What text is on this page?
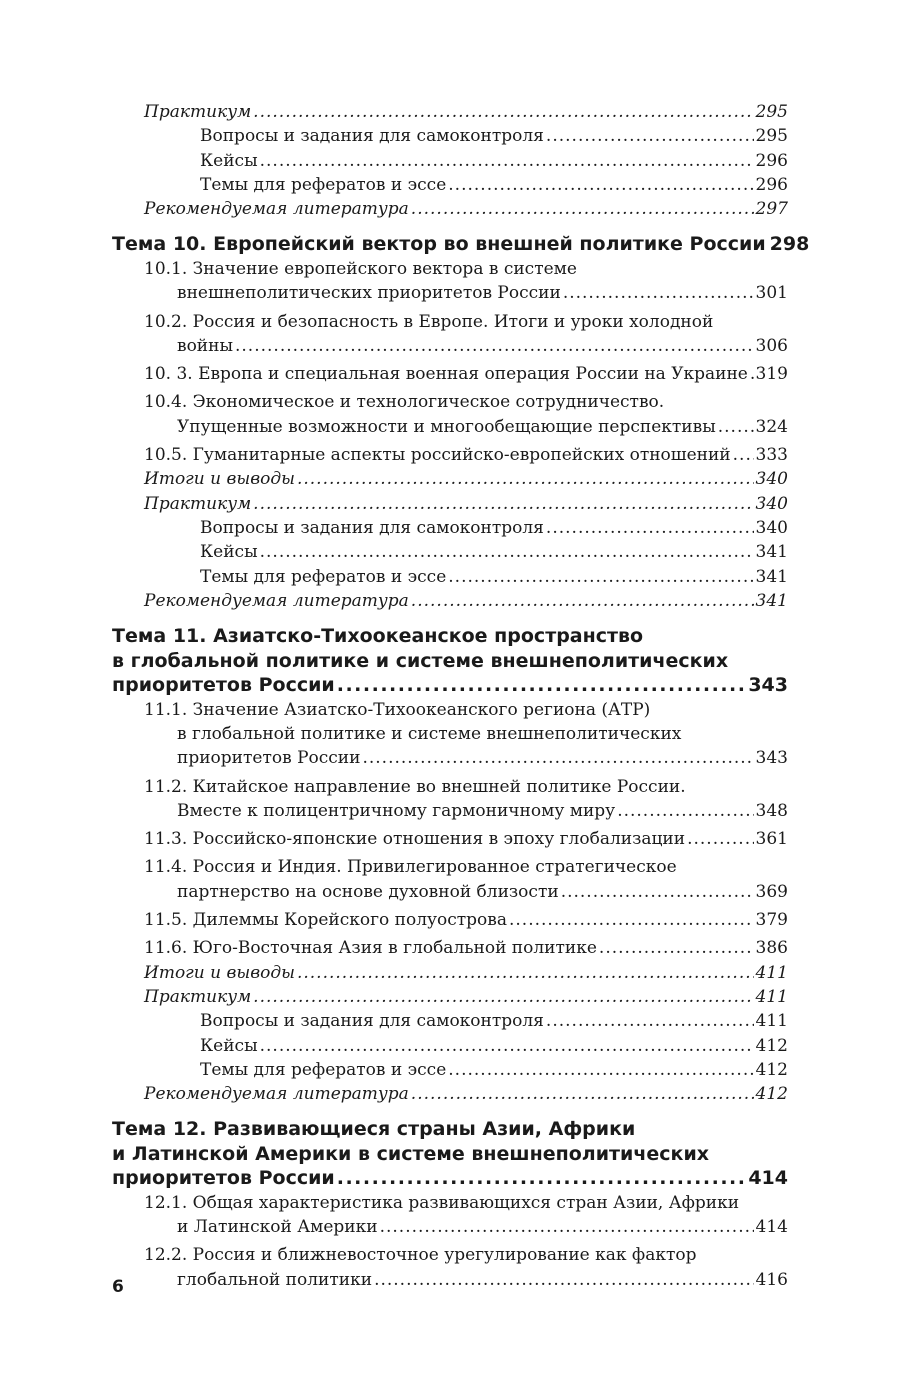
Практикум .....	295
Вопросы и задания для самоконтроля .....	295
Кейсы .....	296
Темы для рефератов и эссе .....	296
Рекомендуемая литература .....	297
Тема 10. Европейский вектор во внешней политике России 298
10.1. Значение европейского вектора в системе
внешнеполитических приоритетов России .....	301
10.2. Россия и безопасность в Европе. Итоги и уроки холодной
войны .....	306
10. 3. Европа и специальная военная операция России на Украине ..... 319
10.4. Экономическое и технологическое сотрудничество.
Упущенные возможности и многообещающие перспективы ..... 324
10.5. Гуманитарные аспекты российско-европейских отношений ..... 333
Итоги и выводы .....	340
Практикум .....	340
Вопросы и задания для самоконтроля .....	340
Кейсы .....	341
Темы для рефератов и эссе .....	341
Рекомендуемая литература .....	341
Тема 11. Азиатско-Тихоокеанское пространство
в глобальной политике и системе внешнеполитических
приоритетов России .....	343
11.1. Значение Азиатско-Тихоокеанского региона (АТР)
в глобальной политике и системе внешнеполитических
приоритетов России .....	343
11.2. Китайское направление во внешней политике России.
Вместе к полицентричному гармоничному миру .....	348
11.3. Российско-японские отношения в эпоху глобализации .....	361
11.4. Россия и Индия. Привилегированное стратегическое
партнерство на основе духовной близости .....	369
11.5. Дилеммы Корейского полуострова .....	379
11.6. Юго-Восточная Азия в глобальной политике .....	386
Итоги и выводы .....	411
Практикум .....	411
Вопросы и задания для самоконтроля .....	411
Кейсы .....	412
Темы для рефератов и эссе .....	412
Рекомендуемая литература .....	412
Тема 12. Развивающиеся страны Азии, Африки
и Латинской Америки в системе внешнеполитических
приоритетов России .....	414
12.1. Общая характеристика развивающихся стран Азии, Африки
и Латинской Америки .....	414
12.2. Россия и ближневосточное урегулирование как фактор
глобальной политики .....	416
6
